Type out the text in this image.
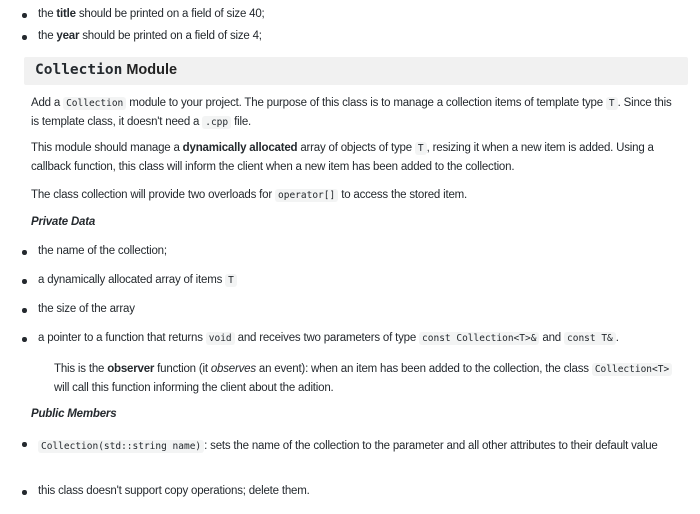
the title should be printed on a field of size 40;
the year should be printed on a field of size 4;
Collection Module
Add a Collection module to your project. The purpose of this class is to manage a collection items of template type T . Since this is template class, it doesn't need a .cpp file.
This module should manage a dynamically allocated array of objects of type T , resizing it when a new item is added. Using a callback function, this class will inform the client when a new item has been added to the collection.
The class collection will provide two overloads for operator[] to access the stored item.
Private Data
the name of the collection;
a dynamically allocated array of items T
the size of the array
a pointer to a function that returns void and receives two parameters of type const Collection<T>& and const T& .
This is the observer function (it observes an event): when an item has been added to the collection, the class Collection<T> will call this function informing the client about the adition.
Public Members
Collection(std::string name) : sets the name of the collection to the parameter and all other attributes to their default value
this class doesn't support copy operations; delete them.
